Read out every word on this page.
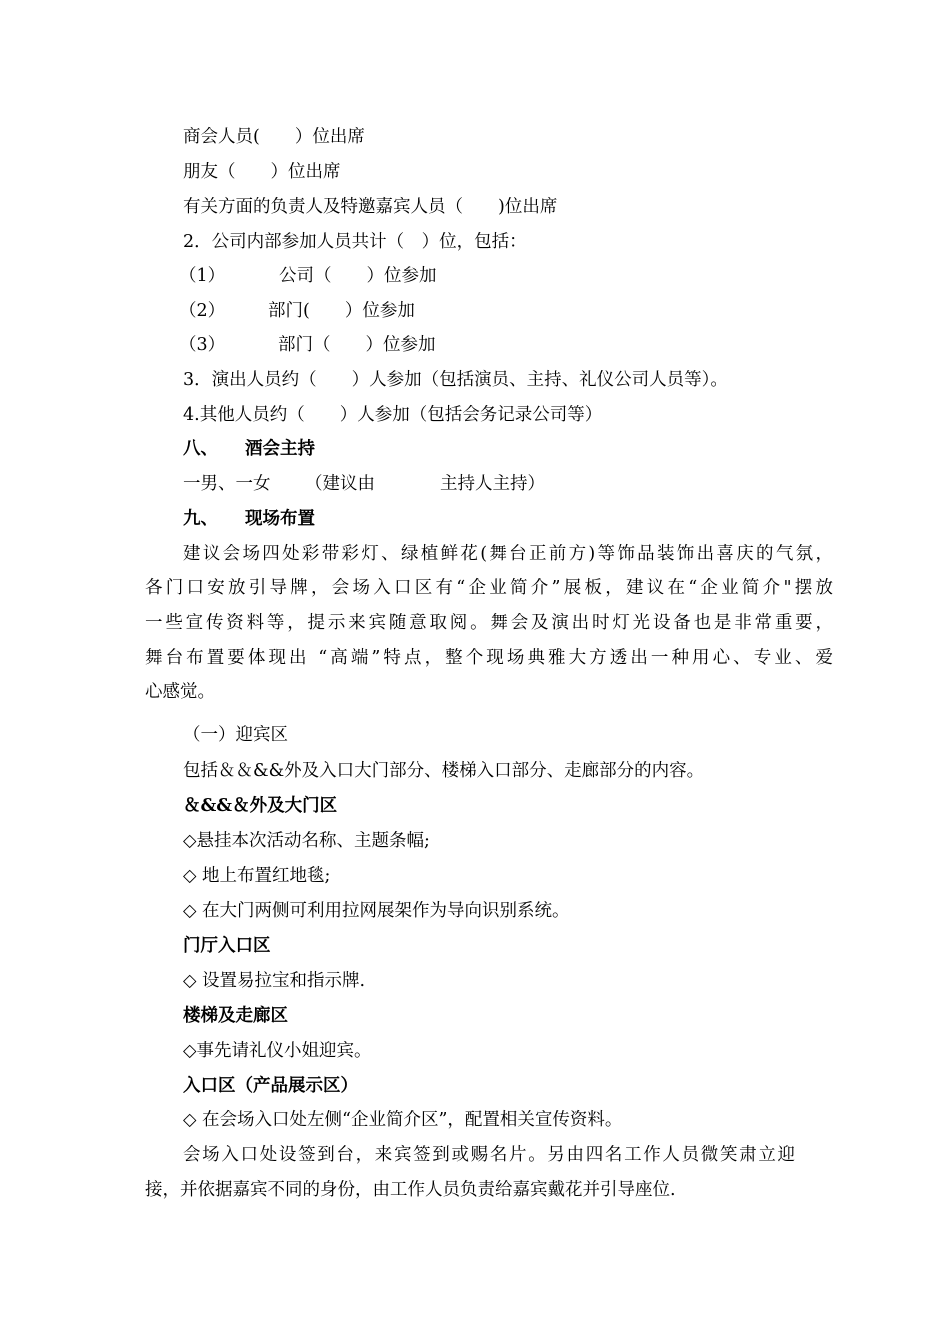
商会人员(　　）位出席
朋友（　　）位出席
有关方面的负责人及特邀嘉宾人员（　　)位出席
2．公司内部参加人员共计（　）位，包括：
（1）	公司（　　）位参加
（2） 部门(　　）位参加
（3）	部门（　　）位参加
3．演出人员约（　　）人参加（包括演员、主持、礼仪公司人员等）。
4.其他人员约（　　）人参加（包括会务记录公司等）
八、 酒会主持
一男、一女 （建议由	主持人主持）
九、 现场布置
建议会场四处彩带彩灯、绿植鲜花(舞台正前方)等饰品装饰出喜庆的气氛，
各门口安放引导牌，会场入口区有“企业简介”展板，建议在“企业简介"摆放
一些宣传资料等，提示来宾随意取阅。舞会及演出时灯光设备也是非常重要，
舞台布置要体现出 “高端”特点，整个现场典雅大方透出一种用心、专业、爱
心感觉。
（一）迎宾区
包括＆＆&&外及入口大门部分、楼梯入口部分、走廊部分的内容。
＆&&＆外及大门区
◇悬挂本次活动名称、主题条幅;
◇ 地上布置红地毯;
◇ 在大门两侧可利用拉网展架作为导向识别系统。
门厅入口区
◇ 设置易拉宝和指示牌.
楼梯及走廊区
◇事先请礼仪小姐迎宾。
入口区（产品展示区）
◇ 在会场入口处左侧“企业简介区”，配置相关宣传资料。
会场入口处设签到台，来宾签到或赐名片。另由四名工作人员微笑肃立迎
接，并依据嘉宾不同的身份，由工作人员负责给嘉宾戴花并引导座位.
